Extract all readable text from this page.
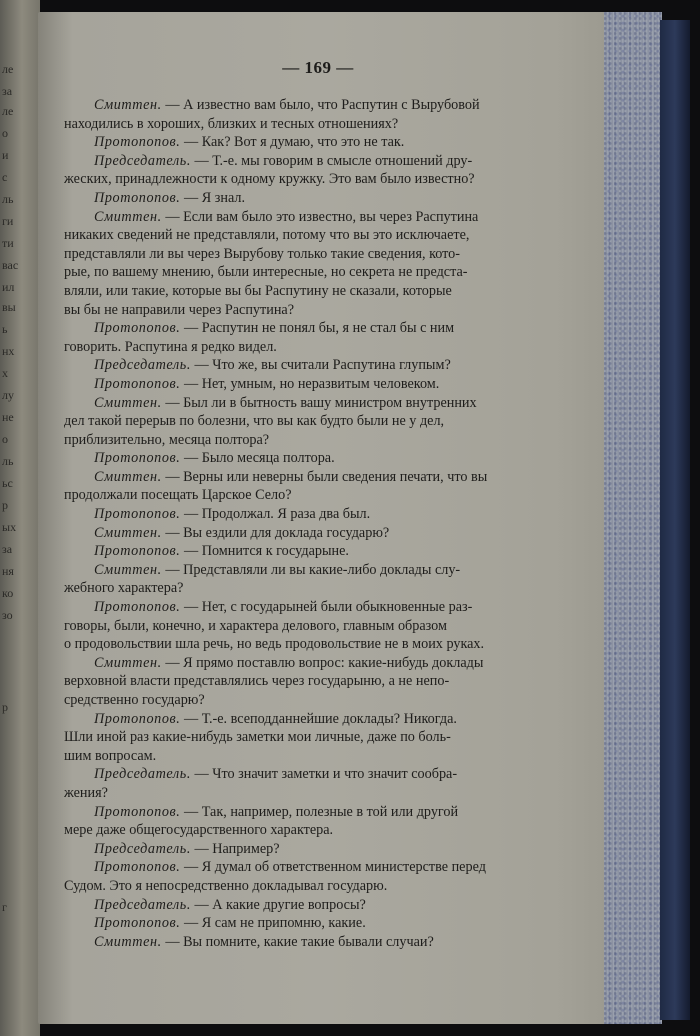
ле
за
ле
о
и
с
ль
ги
ти
вас
ил
вы
ь
нх
х
лу
не
о
ль
ьс
р
ых
за
ня
ко
зо
р
г
— 169 —
Смиттен. — А известно вам было, что Распутин с Вырубовой
находились в хороших, близких и тесных отношениях?
Протопопов. — Как? Вот я думаю, что это не так.
Председатель. — Т.-е. мы говорим в смысле отношений дру-
жеских, принадлежности к одному кружку. Это вам было известно?
Протопопов. — Я знал.
Смиттен. — Если вам было это известно, вы через Распутина
никаких сведений не представляли, потому что вы это исключаете,
представляли ли вы через Вырубову только такие сведения, кото-
рые, по вашему мнению, были интересные, но секрета не предста-
вляли, или такие, которые вы бы Распутину не сказали, которые
вы бы не направили через Распутина?
Протопопов. — Распутин не понял бы, я не стал бы с ним
говорить. Распутина я редко видел.
Председатель. — Что же, вы считали Распутина глупым?
Протопопов. — Нет, умным, но неразвитым человеком.
Смиттен. — Был ли в бытность вашу министром внутренних
дел такой перерыв по болезни, что вы как будто были не у дел,
приблизительно, месяца полтора?
Протопопов. — Было месяца полтора.
Смиттен. — Верны или неверны были сведения печати, что вы
продолжали посещать Царское Село?
Протопопов. — Продолжал. Я раза два был.
Смиттен. — Вы ездили для доклада государю?
Протопопов. — Помнится к государыне.
Смиттен. — Представляли ли вы какие-либо доклады слу-
жебного характера?
Протопопов. — Нет, с государыней были обыкновенные раз-
говоры, были, конечно, и характера делового, главным образом
о продовольствии шла речь, но ведь продовольствие не в моих руках.
Смиттен. — Я прямо поставлю вопрос: какие-нибудь доклады
верховной власти представлялись через государыню, а не непо-
средственно государю?
Протопопов. — Т.-е. всеподданнейшие доклады? Никогда.
Шли иной раз какие-нибудь заметки мои личные, даже по боль-
шим вопросам.
Председатель. — Что значит заметки и что значит сообра-
жения?
Протопопов. — Так, например, полезные в той или другой
мере даже общегосударственного характера.
Председатель. — Например?
Протопопов. — Я думал об ответственном министерстве перед
Судом. Это я непосредственно докладывал государю.
Председатель. — А какие другие вопросы?
Протопопов. — Я сам не припомню, какие.
Смиттен. — Вы помните, какие такие бывали случаи?
